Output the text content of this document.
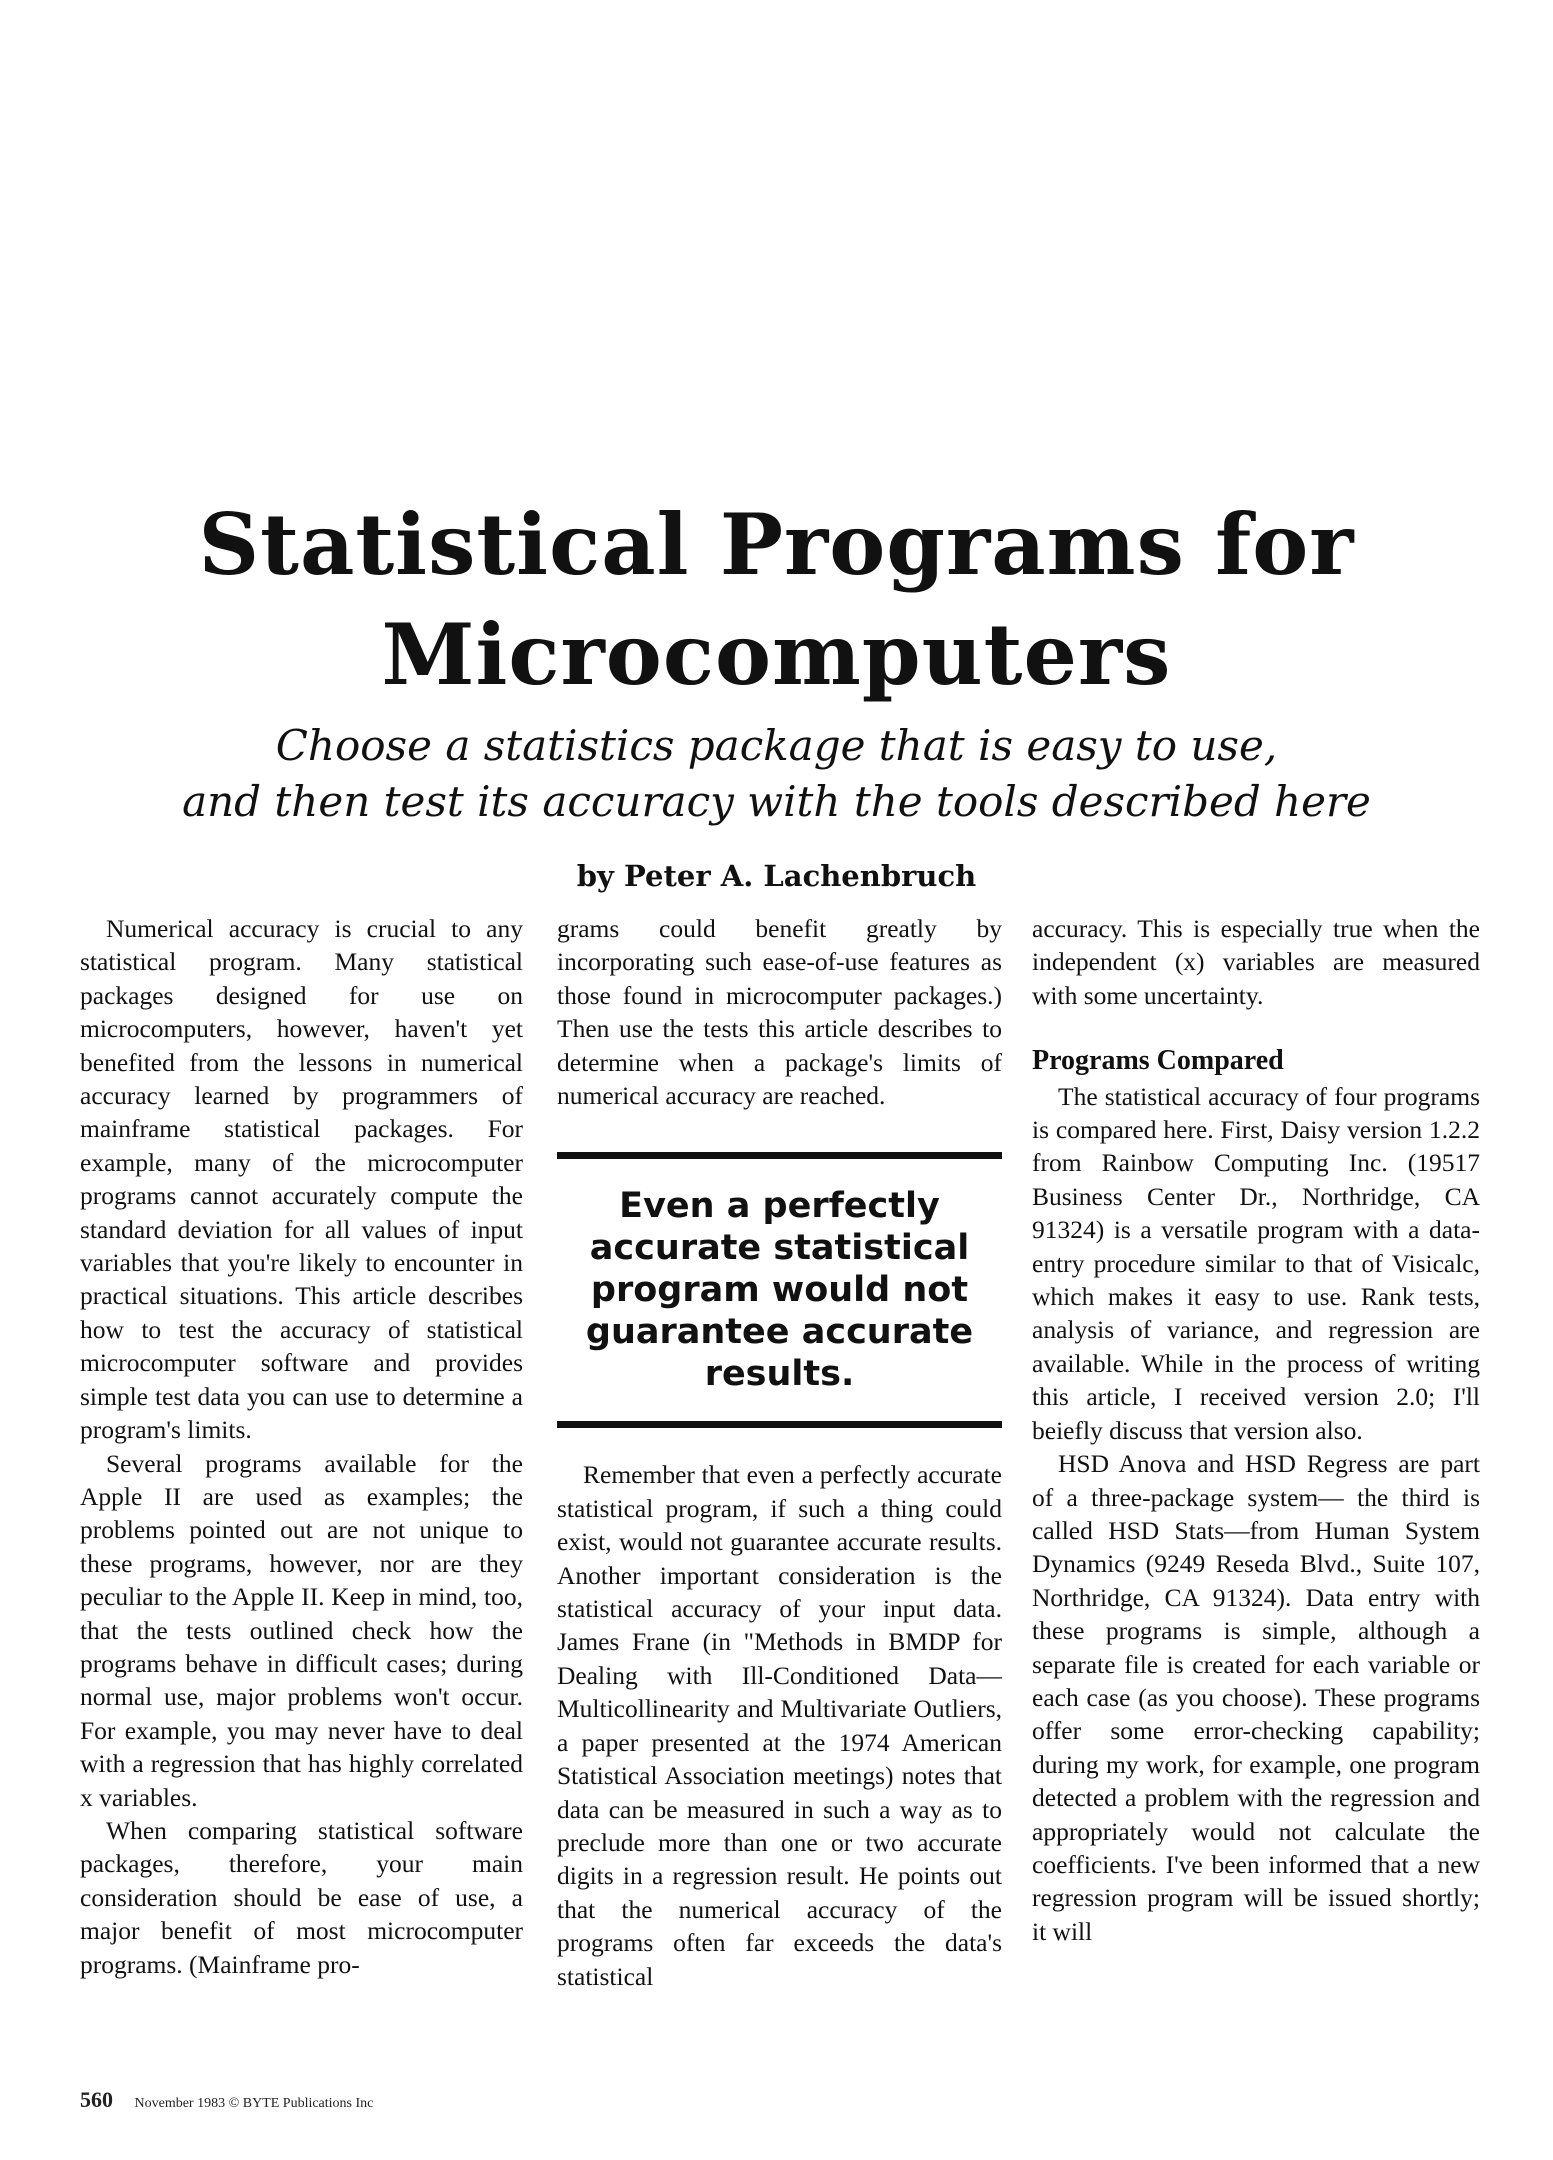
Statistical Programs for
Microcomputers
Choose a statistics package that is easy to use,
and then test its accuracy with the tools described here
by Peter A. Lachenbruch

Numerical accuracy is crucial to any statistical program. Many statistical packages designed for use on microcomputers, however, haven't yet benefited from the lessons in numerical accuracy learned by programmers of mainframe statistical packages. For example, many of the microcomputer programs cannot accurately compute the standard deviation for all values of input variables that you're likely to encounter in practical situations. This article describes how to test the accuracy of statistical microcomputer software and provides simple test data you can use to determine a program's limits.

Several programs available for the Apple II are used as examples; the problems pointed out are not unique to these programs, however, nor are they peculiar to the Apple II. Keep in mind, too, that the tests outlined check how the programs behave in difficult cases; during normal use, major problems won't occur. For example, you may never have to deal with a regression that has highly correlated x variables.

When comparing statistical software packages, therefore, your main consideration should be ease of use, a major benefit of most microcomputer programs. (Mainframe pro-

grams could benefit greatly by incorporating such ease-of-use features as those found in microcomputer packages.) Then use the tests this article describes to determine when a package's limits of numerical accuracy are reached.

Even a perfectly accurate statistical program would not guarantee accurate results.

Remember that even a perfectly accurate statistical program, if such a thing could exist, would not guarantee accurate results. Another important consideration is the statistical accuracy of your input data. James Frane (in "Methods in BMDP for Dealing with Ill-Conditioned Data—Multicollinearity and Multivariate Outliers, a paper presented at the 1974 American Statistical Association meetings) notes that data can be measured in such a way as to preclude more than one or two accurate digits in a regression result. He points out that the numerical accuracy of the programs often far exceeds the data's statistical

accuracy. This is especially true when the independent (x) variables are measured with some uncertainty.

Programs Compared

The statistical accuracy of four programs is compared here. First, Daisy version 1.2.2 from Rainbow Computing Inc. (19517 Business Center Dr., Northridge, CA 91324) is a versatile program with a data-entry procedure similar to that of Visicalc, which makes it easy to use. Rank tests, analysis of variance, and regression are available. While in the process of writing this article, I received version 2.0; I'll beiefly discuss that version also.

HSD Anova and HSD Regress are part of a three-package system— the third is called HSD Stats—from Human System Dynamics (9249 Reseda Blvd., Suite 107, Northridge, CA 91324). Data entry with these programs is simple, although a separate file is created for each variable or each case (as you choose). These programs offer some error-checking capability; during my work, for example, one program detected a problem with the regression and appropriately would not calculate the coefficients. I've been informed that a new regression program will be issued shortly; it will

560 November 1983 © BYTE Publications Inc
